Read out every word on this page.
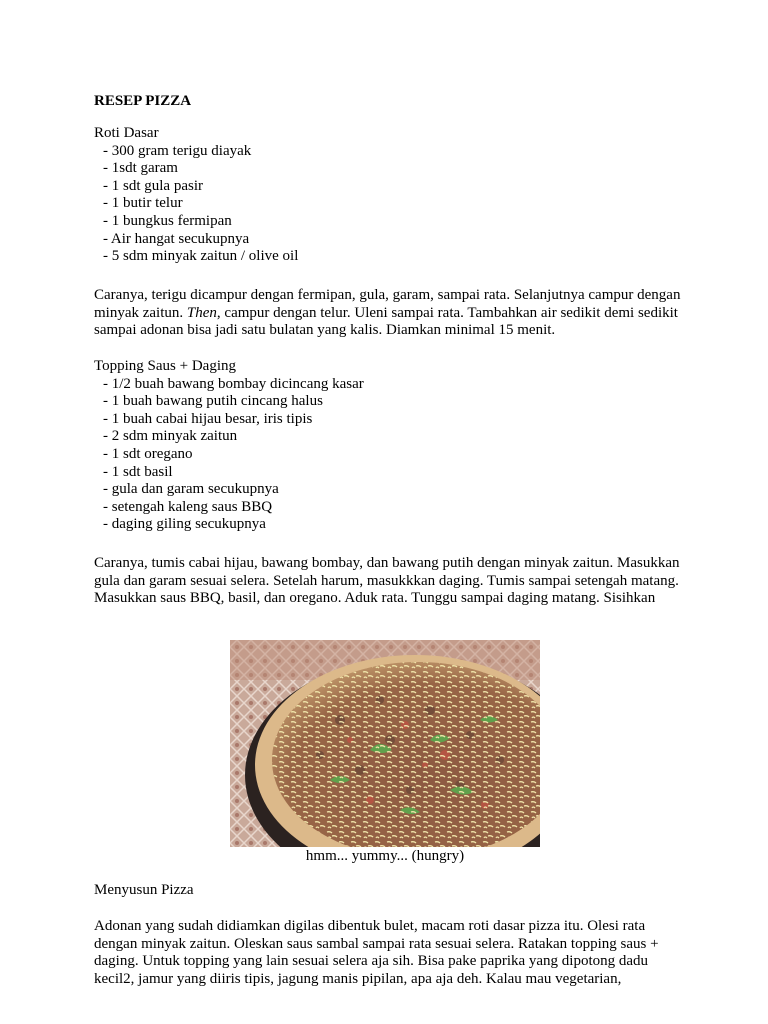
RESEP PIZZA

Roti Dasar

- 300 gram terigu diayak
- 1sdt garam
- 1 sdt gula pasir
- 1 butir telur
- 1 bungkus fermipan
- Air hangat secukupnya
- 5 sdm minyak zaitun / olive oil

Caranya, terigu dicampur dengan fermipan, gula, garam, sampai rata. Selanjutnya campur dengan minyak zaitun. Then, campur dengan telur. Uleni sampai rata. Tambahkan air sedikit demi sedikit sampai adonan bisa jadi satu bulatan yang kalis. Diamkan minimal 15 menit.

Topping Saus + Daging

- 1/2 buah bawang bombay dicincang kasar
- 1 buah bawang putih cincang halus
- 1 buah cabai hijau besar, iris tipis
- 2 sdm minyak zaitun
- 1 sdt oregano
- 1 sdt basil
- gula dan garam secukupnya
- setengah kaleng saus BBQ
- daging giling secukupnya

Caranya, tumis cabai hijau, bawang bombay, dan bawang putih dengan minyak zaitun. Masukkan gula dan garam sesuai selera. Setelah harum, masukkkan daging. Tumis sampai setengah matang. Masukkan saus BBQ, basil, dan oregano. Aduk rata. Tunggu sampai daging matang. Sisihkan

hmm... yummy... (hungry)

Menyusun Pizza

Adonan yang sudah didiamkan digilas dibentuk bulet, macam roti dasar pizza itu. Olesi rata dengan minyak zaitun. Oleskan saus sambal sampai rata sesuai selera. Ratakan topping saus + daging. Untuk topping yang lain sesuai selera aja sih. Bisa pake paprika yang dipotong dadu kecil2, jamur yang diiris tipis, jagung manis pipilan, apa aja deh. Kalau mau vegetarian,
